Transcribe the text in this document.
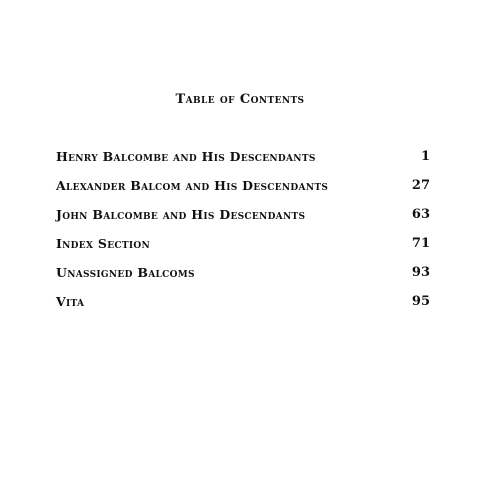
Table of Contents
Henry Balcombe and His Descendants	1
Alexander Balcom and His Descendants	27
John Balcombe and His Descendants	63
Index Section	71
Unassigned Balcoms	93
Vita	95
